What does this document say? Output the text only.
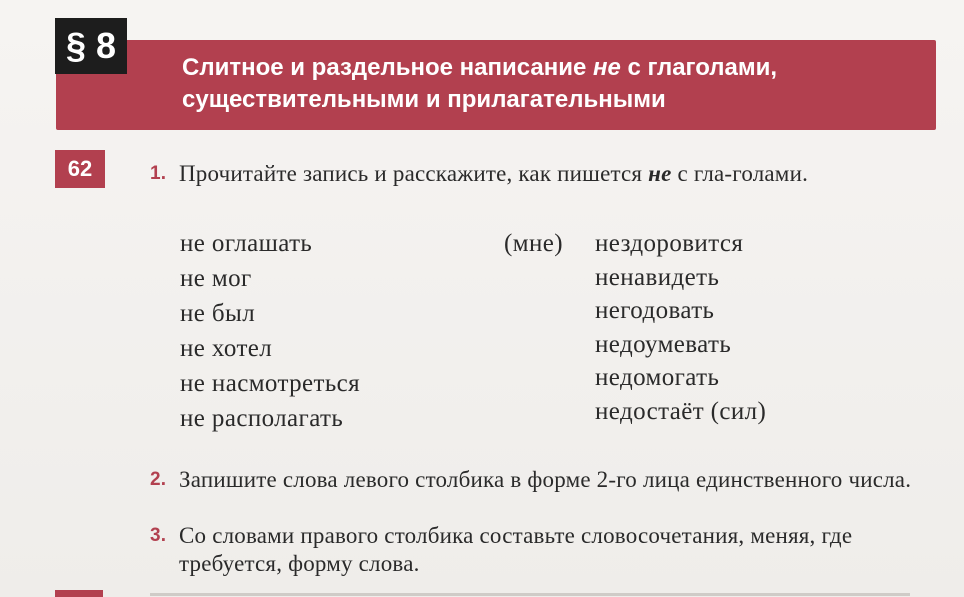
§ 8
Слитное и раздельное написание не с глаголами,
существительными и прилагательными
62	1. Прочитайте запись и расскажите, как пишется не с гла-голами.
не оглашать
не мог
не был
не хотел
не насмотреться
не располагать
(мне) нездоровится
ненавидеть
негодовать
недоумевать
недомогать
недостаёт (сил)
2. Запишите слова левого столбика в форме 2-го лица единственного числа.
3. Со словами правого столбика составьте словосочетания, меняя, где требуется, форму слова.
